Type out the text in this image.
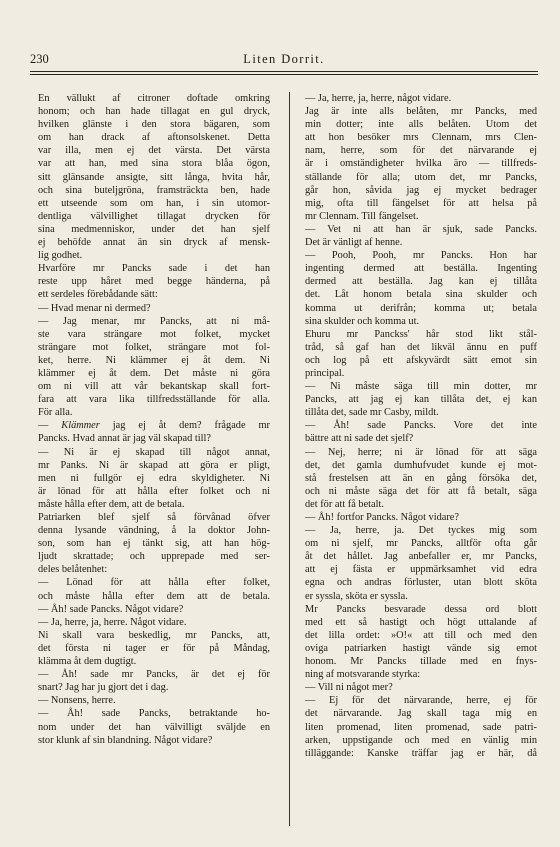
230	Liten Dorrit.
En vällukt af citroner doftade omkring
honom; och han hade tillagat en gul dryck,
hvilken glänste i den stora bägaren, som
om han drack af aftonsolskenet. Detta
var illa, men ej det värsta. Det värsta
var att han, med sina stora blåa ögon,
sitt glänsande ansigte, sitt långa, hvita hår,
och sina buteljgröna, framsträckta ben, hade
ett utseende som om han, i sin utomor-
dentliga välvillighet tillagat drycken för
sina medmenniskor, under det han sjelf
ej behöfde annat än sin dryck af mensk-
lig godhet.
Hvarföre mr Pancks sade i det han
reste upp håret med begge händerna, på
ett serdeles förebådande sätt:
— Hvad menar ni dermed?
— Jag menar, mr Pancks, att ni må-
ste vara strängare mot folket, mycket
strängare mot folket, strängare mot fol-
ket, herre. Ni klämmer ej åt dem. Ni
klämmer ej åt dem. Det måste ni göra
om ni vill att vår bekantskap skall fort-
fara att vara lika tillfredsställande för alla.
För alla.
— Klämmer jag ej åt dem? frågade mr
Pancks. Hvad annat är jag väl skapad till?
— Ni är ej skapad till något annat,
mr Panks. Ni är skapad att göra er pligt,
men ni fullgör ej edra skyldigheter. Ni
är lönad för att hålla efter folket och ni
måste hålla efter dem, att de betala.
Patriarken blef sjelf så förvånad öfver
denna lysande vändning, å la doktor John-
son, som han ej tänkt sig, att han hög-
ljudt skrattade; och upprepade med ser-
deles belåtenhet:
— Lönad för att hålla efter folket,
och måste hålla efter dem att de betala.
— Åh! sade Pancks. Något vidare?
— Ja, herre, ja, herre. Något vidare.
Ni skall vara beskedlig, mr Pancks, att,
det första ni tager er för på Måndag,
klämma åt dem dugtigt.
— Åh! sade mr Pancks, är det ej för
snart? Jag har ju gjort det i dag.
— Nonsens, herre.
— Åh! sade Pancks, betraktande ho-
nom under det han välvilligt sväljde en
stor klunk af sin blandning. Något vidare?
— Ja, herre, ja, herre, något vidare.
Jag är inte alls belåten, mr Pancks, med
min dotter; inte alls belåten. Utom det
att hon besöker mrs Clennam, mrs Clen-
nam, herre, som för det närvarande ej
är i omständigheter hvilka äro — tillfreds-
ställande för alla; utom det, mr Pancks,
går hon, såvida jag ej mycket bedrager
mig, ofta till fängelset för att helsa på
mr Clennam. Till fängelset.
— Vet ni att han är sjuk, sade Pancks.
Det är vänligt af henne.
— Pooh, Pooh, mr Pancks. Hon har
ingenting dermed att beställa. Ingenting
dermed att beställa. Jag kan ej tillåta
det. Låt honom betala sina skulder och
komma ut derifrån; komma ut; betala
sina skulder och komma ut.
Ehuru mr Panckss' hår stod likt stål-
tråd, så gaf han det likväl ännu en puff
och log på ett afskyvärdt sätt emot sin
principal.
— Ni måste säga till min dotter, mr
Pancks, att jag ej kan tillåta det, ej kan
tillåta det, sade mr Casby, mildt.
— Åh! sade Pancks. Vore det inte
bättre att ni sade det sjelf?
— Nej, herre; ni är lönad för att säga
det, det gamla dumhufvudet kunde ej mot-
stå frestelsen att än en gång försöka det,
och ni måste säga det för att få betalt, säga
det för att få betalt.
— Åh! fortfor Pancks. Något vidare?
— Ja, herre, ja. Det tyckes mig som
om ni sjelf, mr Pancks, alltför ofta går
åt det hållet. Jag anbefaller er, mr Pancks,
att ej fästa er uppmärksamhet vid edra
egna och andras förluster, utan blott sköta
er syssla, sköta er syssla.
Mr Pancks besvarade dessa ord blott
med ett så hastigt och högt uttalande af
det lilla ordet: »O!« att till och med den
oviga patriarken hastigt vände sig emot
honom. Mr Pancks tillade med en fnys-
ning af motsvarande styrka:
— Vill ni något mer?
— Ej för det närvarande, herre, ej för
det närvarande. Jag skall taga mig en
liten promenad, liten promenad, sade patri-
arken, uppstigande och med en vänlig min
tilläggande: Kanske träffar jag er här, då
